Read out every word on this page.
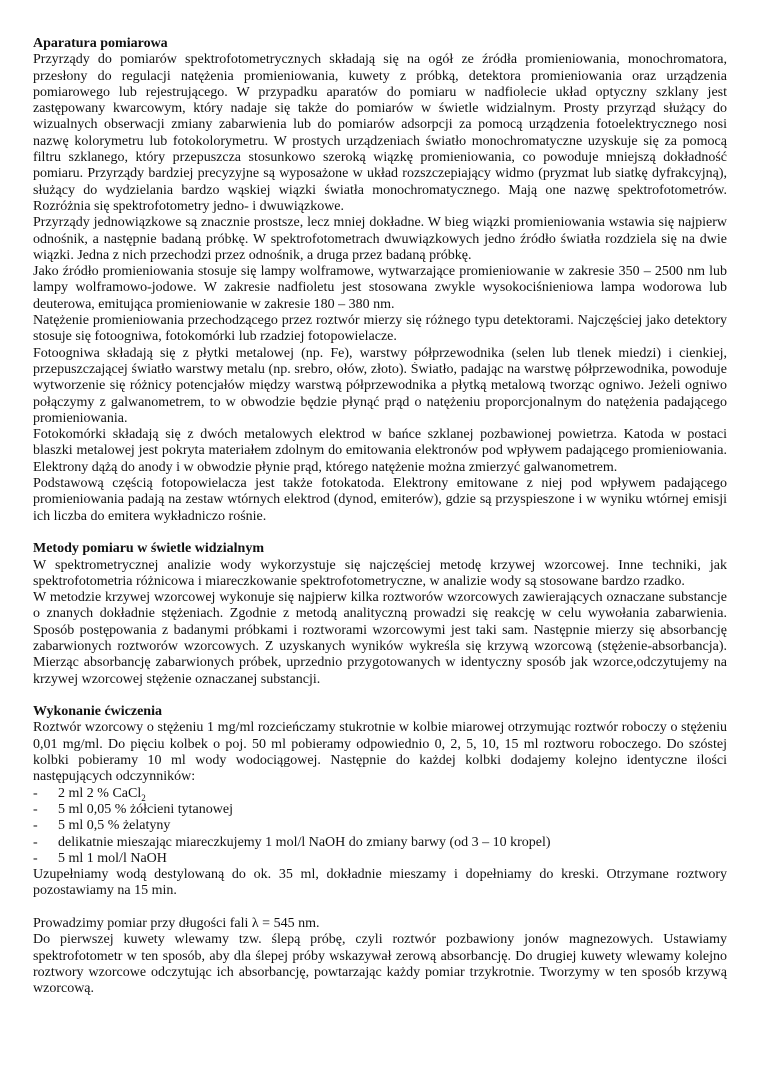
Aparatura pomiarowa
Przyrządy do pomiarów spektrofotometrycznych składają się na ogół ze źródła promieniowania, monochromatora,
przesłony do regulacji natężenia promieniowania, kuwety z próbką, detektora promieniowania oraz urządzenia
pomiarowego lub rejestrującego. W przypadku aparatów do pomiaru w nadfiolecie układ optyczny szklany jest
zastępowany kwarcowym, który nadaje się także do pomiarów w świetle widzialnym. Prosty przyrząd służący do
wizualnych obserwacji zmiany zabarwienia lub do pomiarów adsorpcji za pomocą urządzenia fotoelektrycznego nosi
nazwę kolorymetru lub fotokolorymetru. W prostych urządzeniach światło monochromatyczne uzyskuje się za pomocą
filtru szklanego, który przepuszcza stosunkowo szeroką wiązkę promieniowania, co powoduje mniejszą dokładność
pomiaru. Przyrządy bardziej precyzyjne są wyposażone w układ rozszczepiający widmo (pryzmat lub siatkę dyfrakcyjną),
służący do wydzielania bardzo wąskiej wiązki światła monochromatycznego. Mają one nazwę spektrofotometrów.
Rozróżnia się spektrofotometry jedno- i dwuwiązkowe.
Przyrządy jednowiązkowe są znacznie prostsze, lecz mniej dokładne. W bieg wiązki promieniowania wstawia się najpierw
odnośnik, a następnie badaną próbkę. W spektrofotometrach dwuwiązkowych jedno źródło światła rozdziela się na dwie
wiązki. Jedna z nich przechodzi przez odnośnik, a druga przez badaną próbkę.
Jako źródło promieniowania stosuje się lampy wolframowe, wytwarzające promieniowanie w zakresie 350 – 2500 nm lub
lampy wolframowo-jodowe. W zakresie nadfioletu jest stosowana zwykle wysokociśnieniowa lampa wodorowa lub
deuterowa, emitująca promieniowanie w zakresie 180 – 380 nm.
Natężenie promieniowania przechodzącego przez roztwór mierzy się różnego typu detektorami. Najczęściej jako detektory
stosuje się fotoogniwa, fotokomórki lub rzadziej fotopowielacze.
Fotoogniwa składają się z płytki metalowej (np. Fe), warstwy półprzewodnika (selen lub tlenek miedzi) i cienkiej,
przepuszczającej światło warstwy metalu (np. srebro, ołów, złoto). Światło, padając na warstwę półprzewodnika, powoduje
wytworzenie się różnicy potencjałów między warstwą półprzewodnika a płytką metalową tworząc ogniwo. Jeżeli ogniwo
połączymy z galwanometrem, to w obwodzie będzie płynąć prąd o natężeniu proporcjonalnym do natężenia padającego
promieniowania.
Fotokomórki składają się z dwóch metalowych elektrod w bańce szklanej pozbawionej powietrza. Katoda w postaci
blaszki metalowej jest pokryta materiałem zdolnym do emitowania elektronów pod wpływem padającego promieniowania.
Elektrony dążą do anody i w obwodzie płynie prąd, którego natężenie można zmierzyć galwanometrem.
Podstawową częścią fotopowielacza jest także fotokatoda. Elektrony emitowane z niej pod wpływem padającego
promieniowania padają na zestaw wtórnych elektrod (dynod, emiterów), gdzie są przyspieszone i w wyniku wtórnej emisji
ich liczba do emitera wykładniczo rośnie.
Metody pomiaru w świetle widzialnym
W spektrometrycznej analizie wody wykorzystuje się najczęściej metodę krzywej wzorcowej. Inne techniki, jak
spektrofotometria różnicowa i miareczkowanie spektrofotometryczne, w analizie wody są stosowane bardzo rzadko.
W metodzie krzywej wzorcowej wykonuje się najpierw kilka roztworów wzorcowych zawierających oznaczane substancje
o znanych dokładnie stężeniach. Zgodnie z metodą analityczną prowadzi się reakcję w celu wywołania zabarwienia.
Sposób postępowania z badanymi próbkami i roztworami wzorcowymi jest taki sam. Następnie mierzy się absorbancję
zabarwionych roztworów wzorcowych. Z uzyskanych wyników wykreśla się krzywą wzorcową (stężenie-absorbancja).
Mierząc absorbancję zabarwionych próbek, uprzednio przygotowanych w identyczny sposób jak wzorce,odczytujemy na
krzywej wzorcowej stężenie oznaczanej substancji.
Wykonanie ćwiczenia
Roztwór wzorcowy o stężeniu 1 mg/ml rozcieńczamy stukrotnie w kolbie miarowej otrzymując roztwór roboczy o stężeniu
0,01 mg/ml. Do pięciu kolbek o poj. 50 ml pobieramy odpowiednio 0, 2, 5, 10, 15 ml roztworu roboczego. Do szóstej
kolbki pobieramy 10 ml wody wodociągowej. Następnie do każdej kolbki dodajemy kolejno identyczne ilości
następujących odczynników:
-	2 ml 2 % CaCl$_2$
-	5 ml 0,05 % żółcieni tytanowej
-	5 ml 0,5 % żelatyny
-	delikatnie mieszając miareczkujemy 1 mol/l NaOH do zmiany barwy (od 3 – 10 kropel)
-	5 ml 1 mol/l NaOH
Uzupełniamy wodą destylowaną do ok. 35 ml, dokładnie mieszamy i dopełniamy do kreski. Otrzymane roztwory
pozostawiamy na 15 min.
Prowadzimy pomiar przy długości fali λ = 545 nm.
Do pierwszej kuwety wlewamy tzw. ślepą próbę, czyli roztwór pozbawiony jonów magnezowych. Ustawiamy
spektrofotometr w ten sposób, aby dla ślepej próby wskazywał zerową absorbancję. Do drugiej kuwety wlewamy kolejno
roztwory wzorcowe odczytując ich absorbancję, powtarzając każdy pomiar trzykrotnie. Tworzymy w ten sposób krzywą
wzorcową.
